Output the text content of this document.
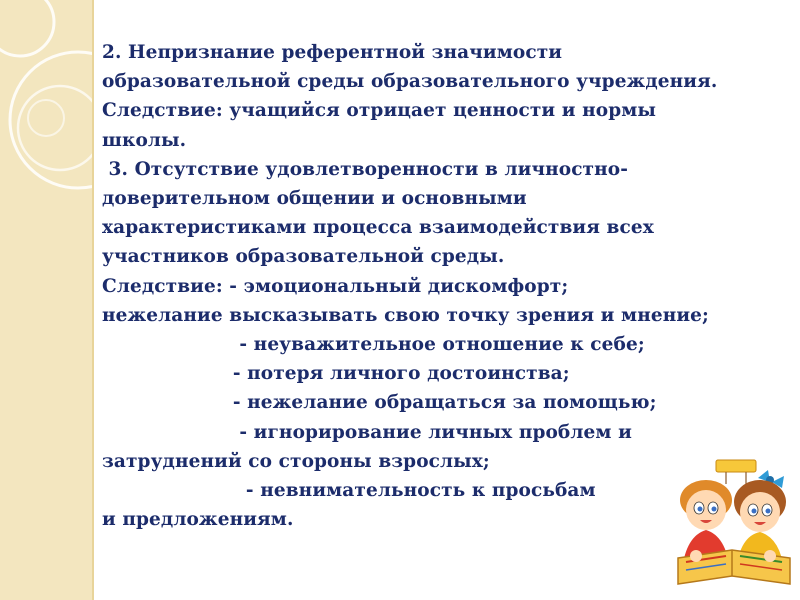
2. Непризнание референтной значимости
образовательной среды образовательного учреждения.
Следствие: учащийся отрицает ценности и нормы
школы.
3. Отсутствие удовлетворенности в личностно-
доверительном общении и основными
характеристиками процесса взаимодействия всех
участников образовательной среды.
Следствие: - эмоциональный дискомфорт;
нежелание высказывать свою точку зрения и мнение;
- неуважительное отношение к себе;
- потеря личного достоинства;
- нежелание обращаться за помощью;
- игнорирование личных проблем и
затруднений со стороны взрослых;
- невнимательность к просьбам
и предложениям.
